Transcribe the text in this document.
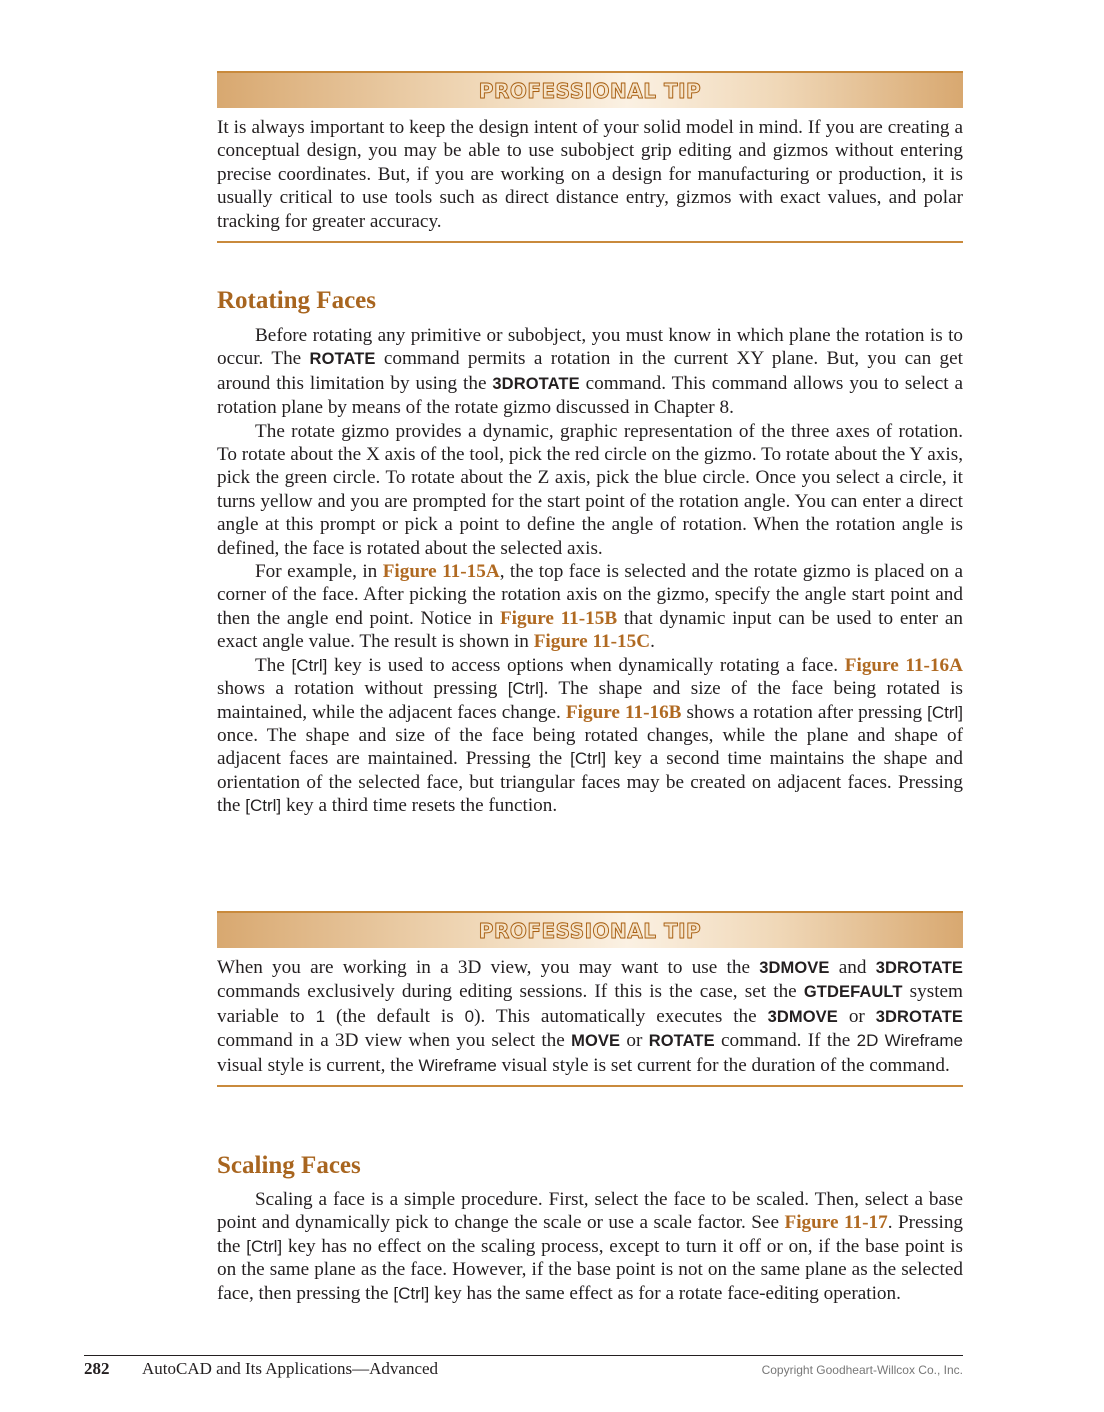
PROFESSIONAL TIP

It is always important to keep the design intent of your solid model in mind. If you are creating a conceptual design, you may be able to use subobject grip editing and gizmos without entering precise coordinates. But, if you are working on a design for manufacturing or production, it is usually critical to use tools such as direct distance entry, gizmos with exact values, and polar tracking for greater accuracy.

Rotating Faces

Before rotating any primitive or subobject, you must know in which plane the rotation is to occur. The ROTATE command permits a rotation in the current XY plane. But, you can get around this limitation by using the 3DROTATE command. This command allows you to select a rotation plane by means of the rotate gizmo discussed in Chapter 8.

The rotate gizmo provides a dynamic, graphic representation of the three axes of rotation. To rotate about the X axis of the tool, pick the red circle on the gizmo. To rotate about the Y axis, pick the green circle. To rotate about the Z axis, pick the blue circle. Once you select a circle, it turns yellow and you are prompted for the start point of the rotation angle. You can enter a direct angle at this prompt or pick a point to define the angle of rotation. When the rotation angle is defined, the face is rotated about the selected axis.

For example, in Figure 11-15A, the top face is selected and the rotate gizmo is placed on a corner of the face. After picking the rotation axis on the gizmo, specify the angle start point and then the angle end point. Notice in Figure 11-15B that dynamic input can be used to enter an exact angle value. The result is shown in Figure 11-15C.

The [Ctrl] key is used to access options when dynamically rotating a face. Figure 11-16A shows a rotation without pressing [Ctrl]. The shape and size of the face being rotated is maintained, while the adjacent faces change. Figure 11-16B shows a rotation after pressing [Ctrl] once. The shape and size of the face being rotated changes, while the plane and shape of adjacent faces are maintained. Pressing the [Ctrl] key a second time maintains the shape and orientation of the selected face, but triangular faces may be created on adjacent faces. Pressing the [Ctrl] key a third time resets the function.

PROFESSIONAL TIP

When you are working in a 3D view, you may want to use the 3DMOVE and 3DROTATE commands exclusively during editing sessions. If this is the case, set the GTDEFAULT system variable to 1 (the default is 0). This automatically executes the 3DMOVE or 3DROTATE command in a 3D view when you select the MOVE or ROTATE command. If the 2D Wireframe visual style is current, the Wireframe visual style is set current for the duration of the command.

Scaling Faces

Scaling a face is a simple procedure. First, select the face to be scaled. Then, select a base point and dynamically pick to change the scale or use a scale factor. See Figure 11-17. Pressing the [Ctrl] key has no effect on the scaling process, except to turn it off or on, if the base point is on the same plane as the face. However, if the base point is not on the same plane as the selected face, then pressing the [Ctrl] key has the same effect as for a rotate face-editing operation.

282	AutoCAD and Its Applications—Advanced	Copyright Goodheart-Willcox Co., Inc.
